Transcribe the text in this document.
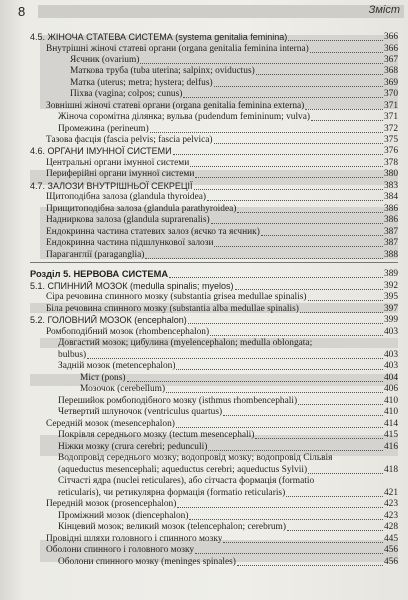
8	Зміст
4.5. ЖІНОЧА СТАТЕВА СИСТЕМА (systema genitalia feminina)	366
Внутрішні жіночі статеві органи (organa genitalia feminina interna)	366
Яєчник (ovarium)	367
Маткова труба (tuba uterina; salpinx; oviductus)	368
Матка (uterus; metra; hystera; delfus)	369
Піхва (vagina; colpos; cunus)	370
Зовнішні жіночі статеві органи (organa genitalia feminina externa)	371
Жіноча соромітна ділянка; вульва (pudendum femininum; vulva)	371
Промежина (perineum)	372
Тазова фасція (fascia pelvis; fascia pelvica)	375
4.6. ОРГАНИ ІМУННОЇ СИСТЕМИ	376
Центральні органи імунної системи	378
Периферійні органи імунної системи	380
4.7. ЗАЛОЗИ ВНУТРІШНЬОЇ СЕКРЕЦІЇ	383
Щитоподібна залоза (glandula thyroidea)	384
Прищитоподібна залоза (glandula parathyroidea)	386
Надниркова залоза (glandula suprarenalis)	386
Ендокринна частина статевих залоз (яєчко та яєчник)	387
Ендокринна частина підшлункової залози	387
Параганглії (paraganglia)	388
Розділ 5. НЕРВОВА СИСТЕМА	389
5.1. СПИННИЙ МОЗОК (medulla spinalis; myelos)	392
Сіра речовина спинного мозку (substantia grisea medullae spinalis)	395
Біла речовина спинного мозку (substantia alba medullae spinalis)	397
5.2. ГОЛОВНИЙ МОЗОК (encephalon)	399
Ромбоподібний мозок (rhombencephalon)	403
Довгастий мозок; цибулина (myelencephalon; medulla oblongata;
bulbus)	403
Задній мозок (metencephalon)	403
Міст (pons)	404
Мозочок (cerebellum)	406
Перешийок ромбоподібного мозку (isthmus rhombencephali)	410
Четвертий шлуночок (ventriculus quartus)	410
Середній мозок (mesencephalon)	414
Покрівля середнього мозку (tectum mesencephali)	415
Ніжки мозку (crura cerebri; pedunculi)	416
Водопровід середнього мозку; водопровід мозку; водопровід Сільвія
(aqueductus mesencephali; aqueductus cerebri; aqueductus Sylvii)	418
Сітчасті ядра (nuclei reticulares), або сітчаста формація (formatio
reticularis), чи ретикулярна формація (formatio reticularis)	421
Передній мозок (prosencephalon)	423
Проміжний мозок (diencephalon)	423
Кінцевий мозок; великий мозок (telencephalon; cerebrum)	428
Провідні шляхи головного і спинного мозку	445
Оболони спинного і головного мозку	456
Оболони спинного мозку (meninges spinales)	456
